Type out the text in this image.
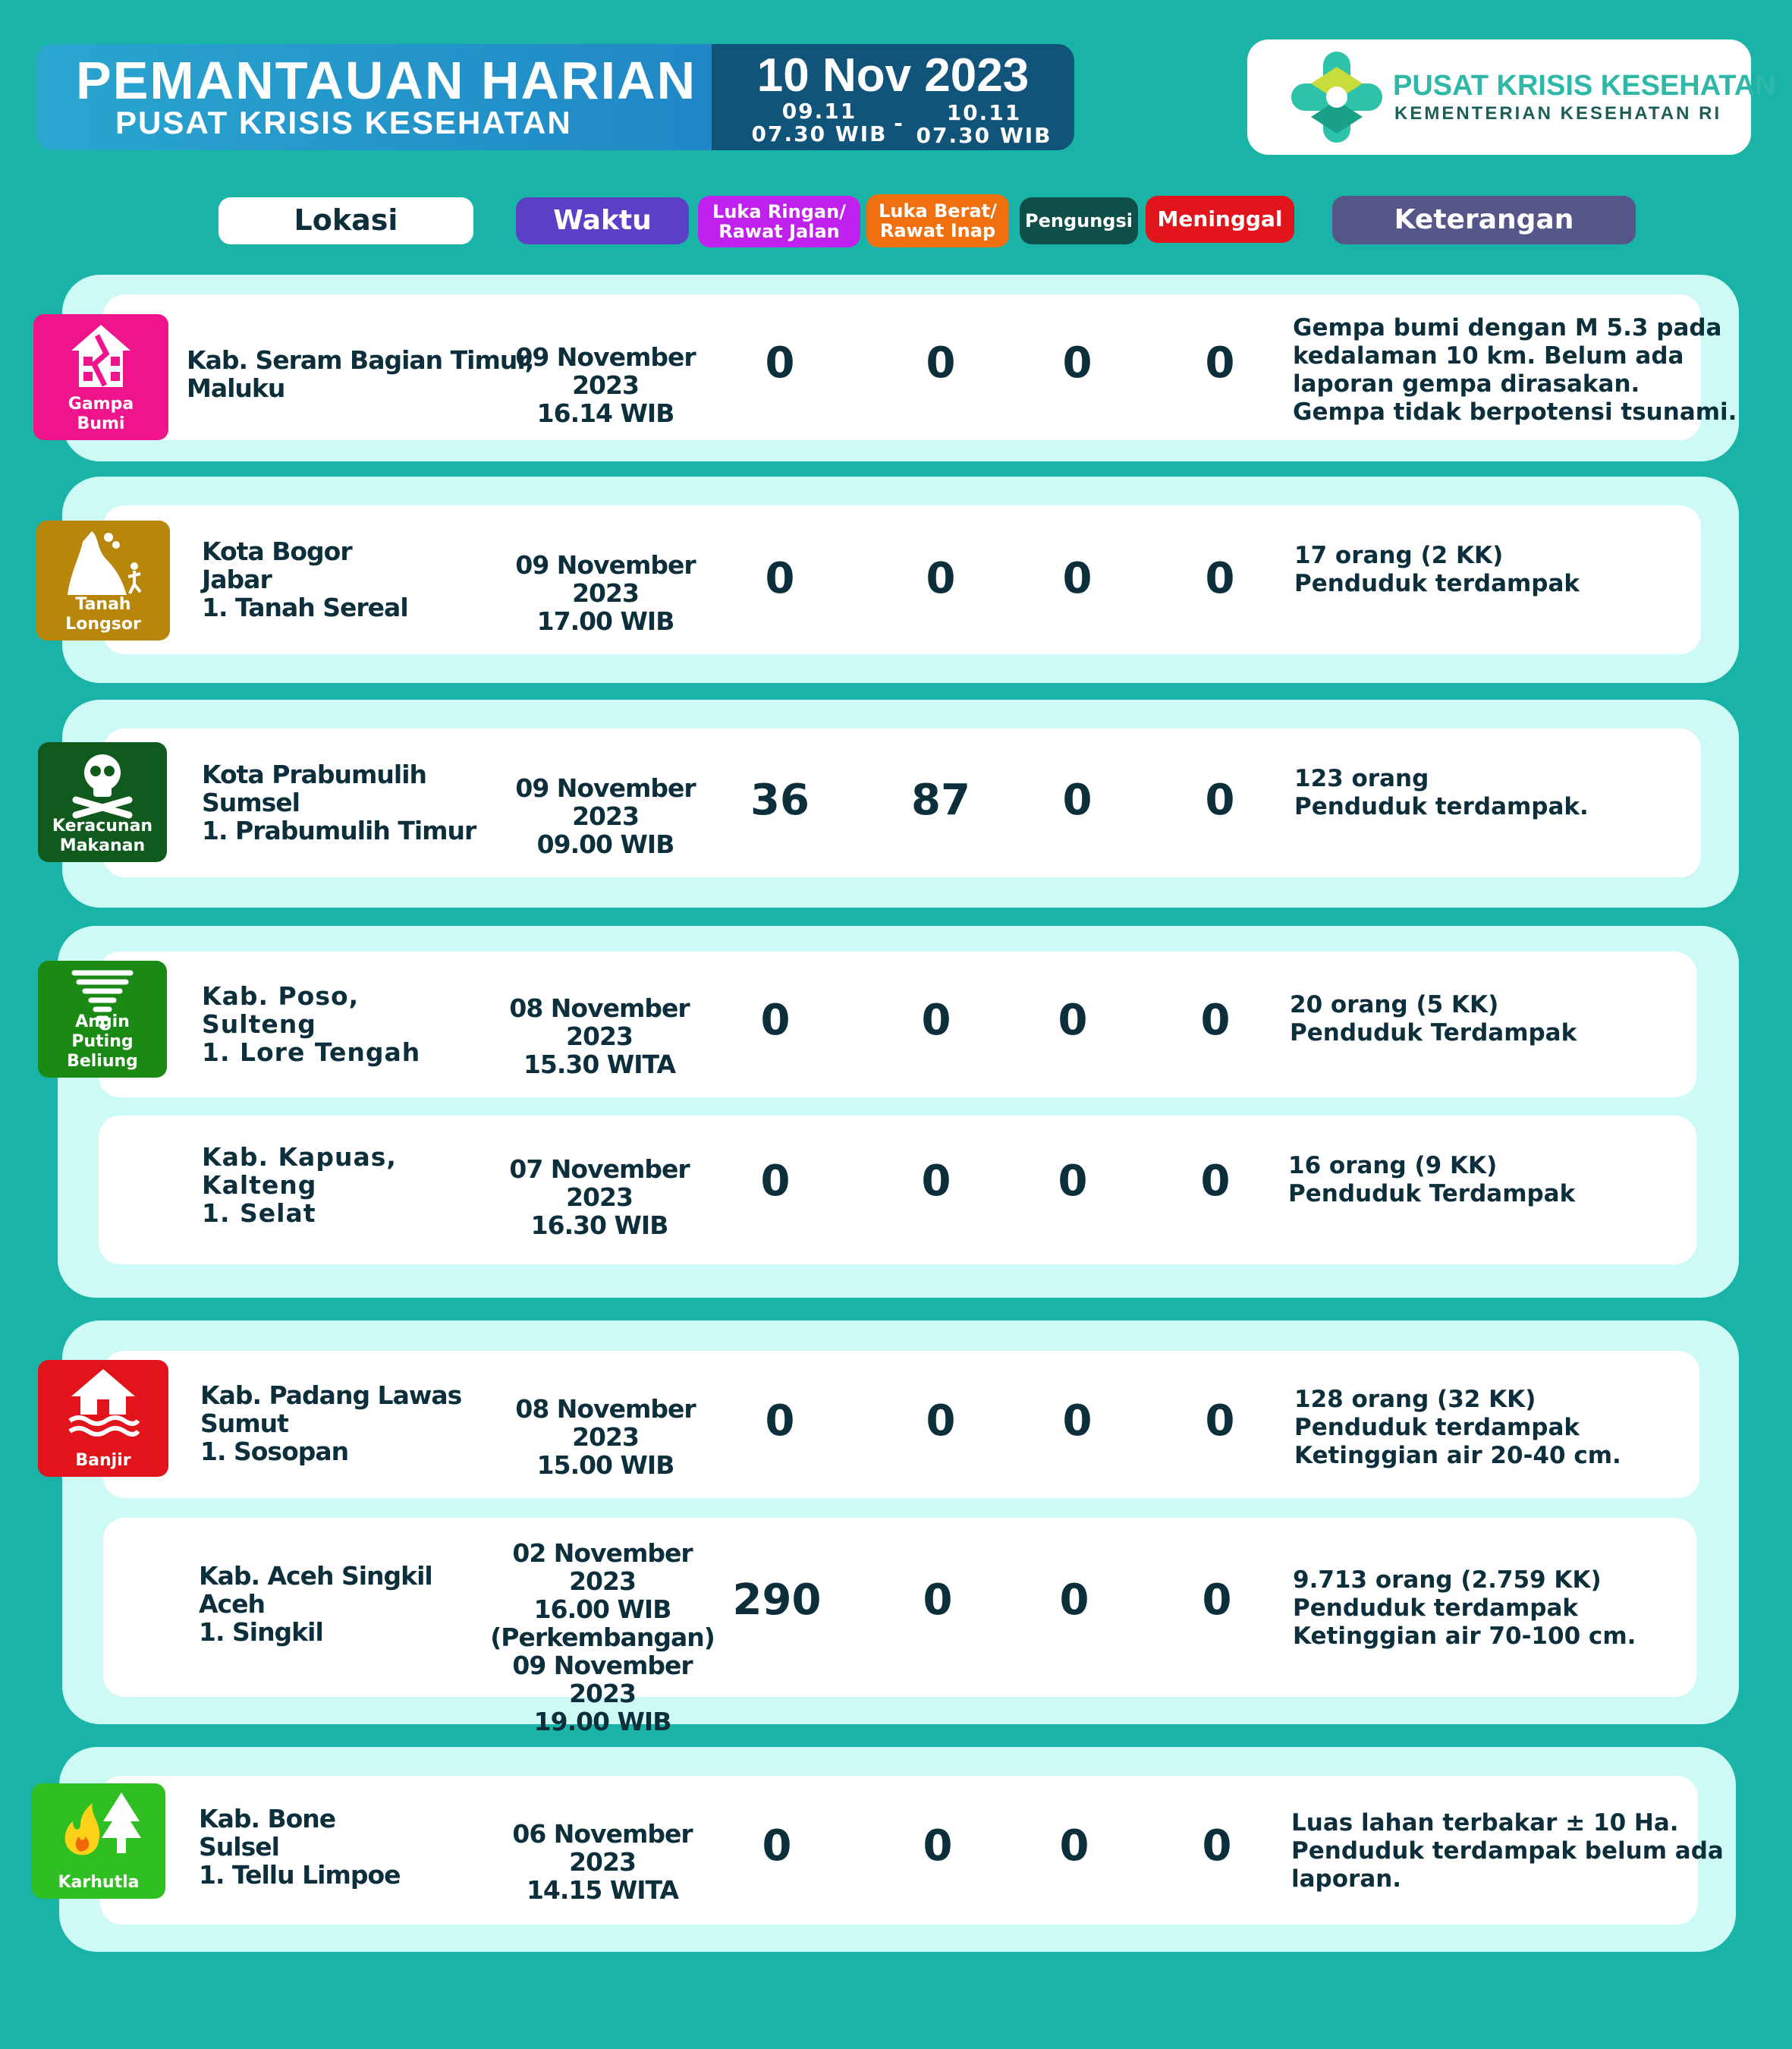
PEMANTAUAN HARIAN
PUSAT KRISIS KESEHATAN
10 Nov 2023
09.11
07.30 WIB -	10.11
07.30 WIB
PUSAT KRISIS KESEHATAN
KEMENTERIAN KESEHATAN RI
Lokasi	Waktu	Luka Ringan/
Rawat Jalan
Luka Berat/
Rawat Inap	Pengungsi	Meninggal	Keterangan
Gampa
Bumi
Kab. Seram Bagian Timur,
Maluku
09 November 2023
16.14 WIB
0	0	0	0
Gempa bumi dengan M 5.3 pada
kedalaman 10 km. Belum ada
laporan gempa dirasakan.
Gempa tidak berpotensi tsunami.
Tanah Longsor
Kota Bogor
Jabar
1. Tanah Sereal
09 November 2023
17.00 WIB
0	0	0	0	17 orang (2 KK)
Penduduk terdampak
Keracunan
Makanan
Kota Prabumulih
Sumsel
1. Prabumulih Timur
09 November 2023
09.00 WIB
36	87	0	0	123 orang
Penduduk terdampak.
Angin
Puting Beliung
Kab. Poso,
Sulteng
1. Lore Tengah
08 November 2023
15.30 WITA
0	0	0	0	20 orang (5 KK)
Penduduk Terdampak
Kab. Kapuas,
Kalteng
1. Selat
07 November 2023
16.30 WIB
0	0	0	0	16 orang (9 KK)
Penduduk Terdampak
Banjir
Kab. Padang Lawas
Sumut
1. Sosopan
08 November 2023
15.00 WIB
0	0	0	0	128 orang (32 KK)
Penduduk terdampak
Ketinggian air 20-40 cm.
Kab. Aceh Singkil
Aceh
1. Singkil
02 November 2023
16.00 WIB
(Perkembangan)
09 November 2023
19.00 WIB
290	0	0	0	9.713 orang (2.759 KK)
Penduduk terdampak
Ketinggian air 70-100 cm.
Karhutla
Kab. Bone
Sulsel
1. Tellu Limpoe
06 November 2023
14.15 WITA
0	0	0	0	Luas lahan terbakar ± 10 Ha.
Penduduk terdampak belum ada
laporan.
